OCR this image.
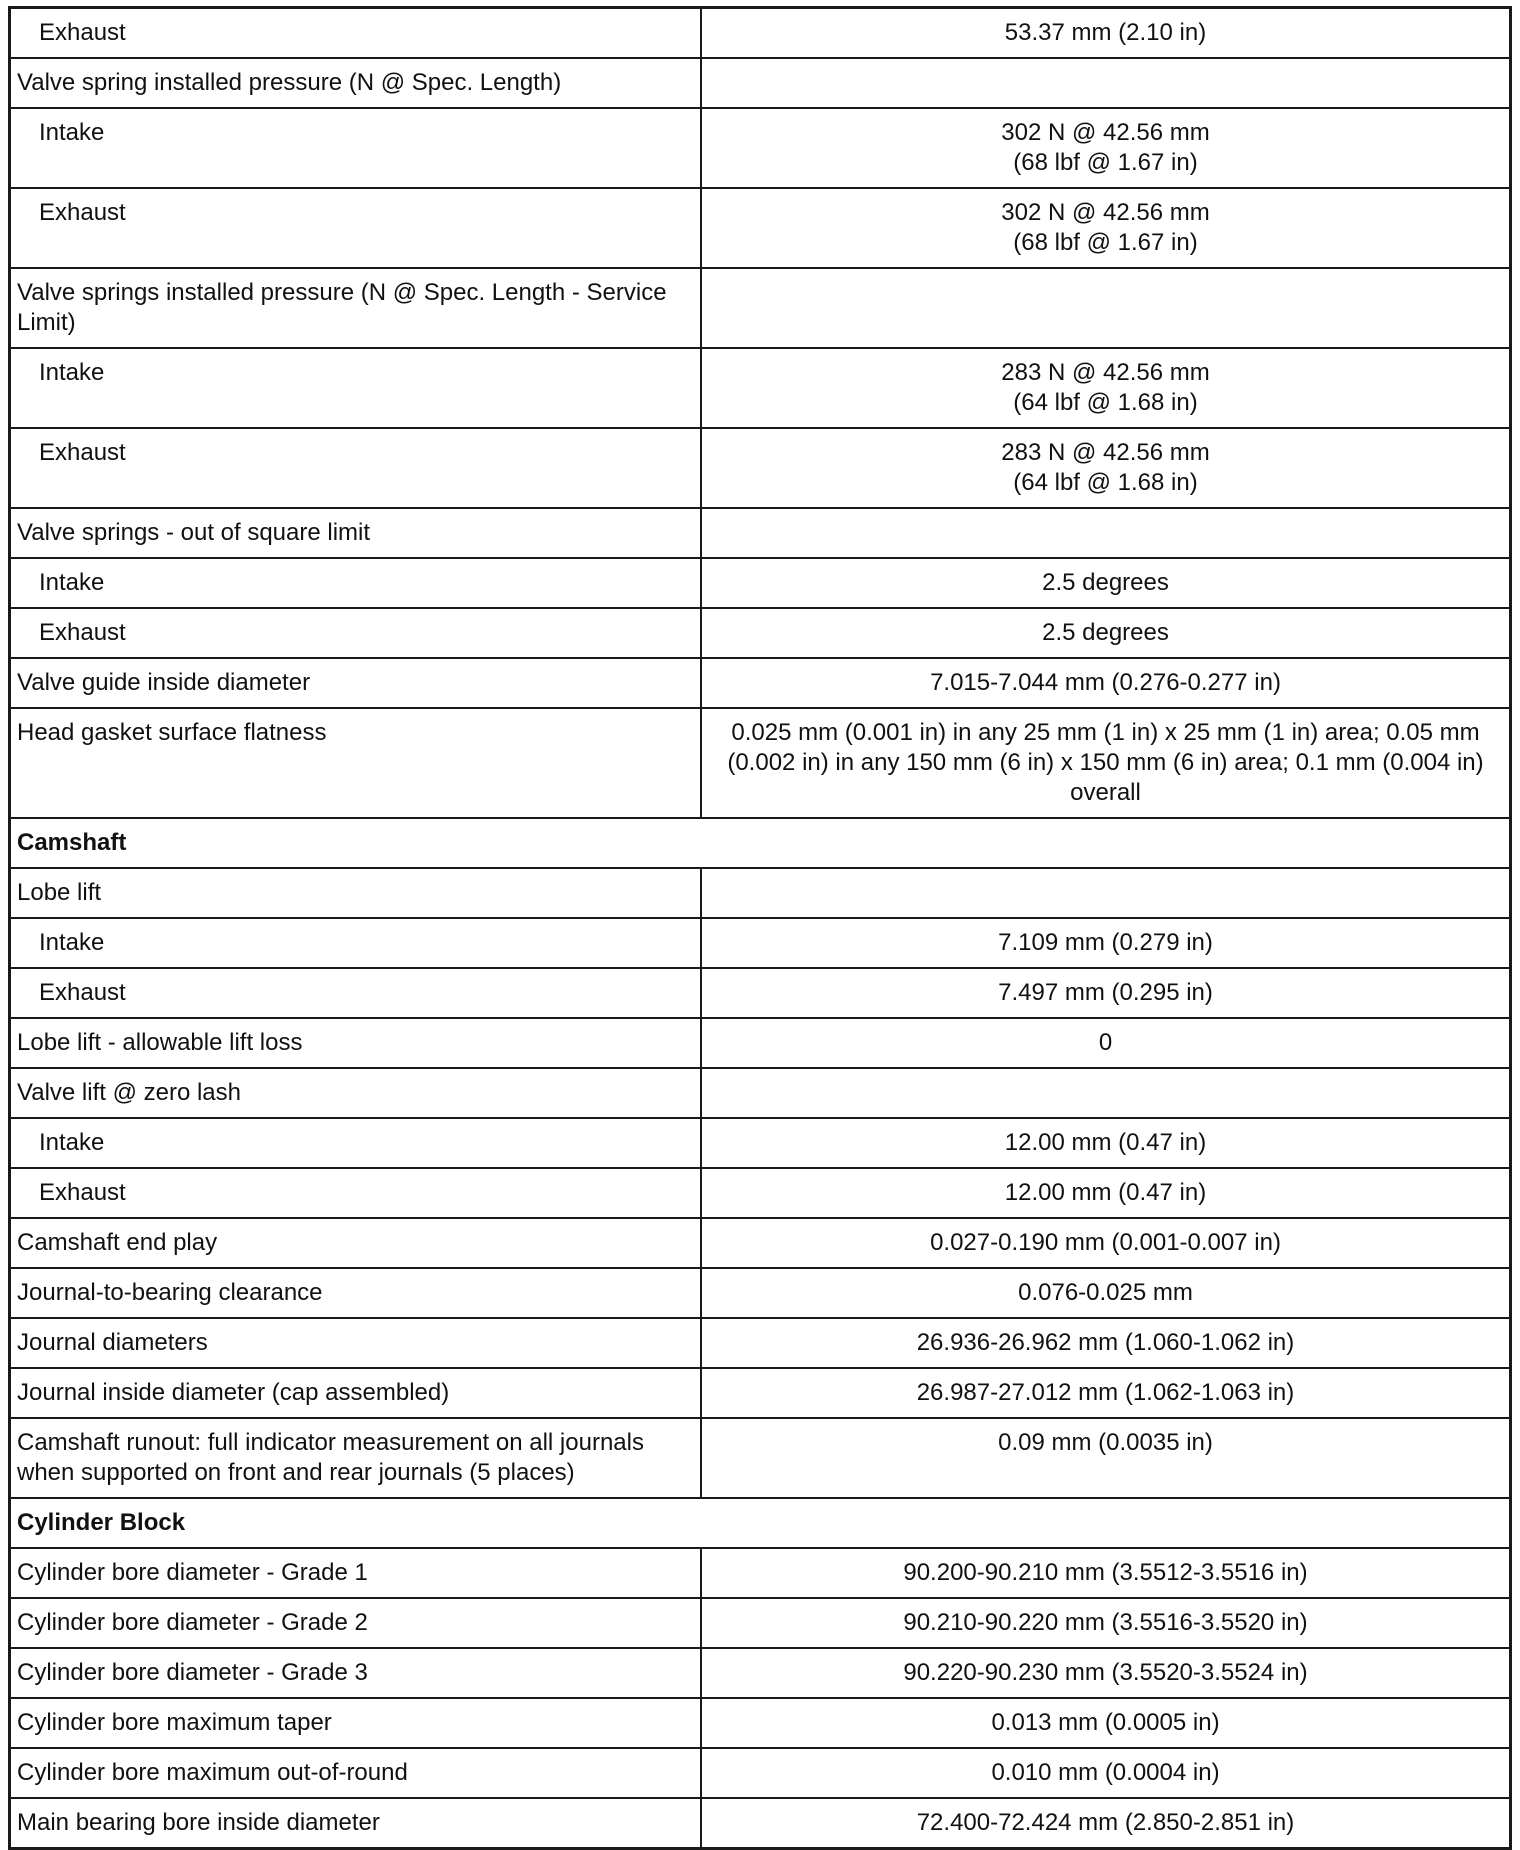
Exhaust	53.37 mm (2.10 in)
Valve spring installed pressure (N @ Spec. Length)	
Intake	302 N @ 42.56 mm
(68 lbf @ 1.67 in)
Exhaust	302 N @ 42.56 mm
(68 lbf @ 1.67 in)
Valve springs installed pressure (N @ Spec. Length - Service Limit)	
Intake	283 N @ 42.56 mm
(64 lbf @ 1.68 in)
Exhaust	283 N @ 42.56 mm
(64 lbf @ 1.68 in)
Valve springs - out of square limit	
Intake	2.5 degrees
Exhaust	2.5 degrees
Valve guide inside diameter	7.015-7.044 mm (0.276-0.277 in)
Head gasket surface flatness	0.025 mm (0.001 in) in any 25 mm (1 in) x 25 mm (1 in) area; 0.05 mm (0.002 in) in any 150 mm (6 in) x 150 mm (6 in) area; 0.1 mm (0.004 in) overall
Camshaft	
Lobe lift	
Intake	7.109 mm (0.279 in)
Exhaust	7.497 mm (0.295 in)
Lobe lift - allowable lift loss	0
Valve lift @ zero lash	
Intake	12.00 mm (0.47 in)
Exhaust	12.00 mm (0.47 in)
Camshaft end play	0.027-0.190 mm (0.001-0.007 in)
Journal-to-bearing clearance	0.076-0.025 mm
Journal diameters	26.936-26.962 mm (1.060-1.062 in)
Journal inside diameter (cap assembled)	26.987-27.012 mm (1.062-1.063 in)
Camshaft runout: full indicator measurement on all journals when supported on front and rear journals (5 places)	0.09 mm (0.0035 in)
Cylinder Block	
Cylinder bore diameter - Grade 1	90.200-90.210 mm (3.5512-3.5516 in)
Cylinder bore diameter - Grade 2	90.210-90.220 mm (3.5516-3.5520 in)
Cylinder bore diameter - Grade 3	90.220-90.230 mm (3.5520-3.5524 in)
Cylinder bore maximum taper	0.013 mm (0.0005 in)
Cylinder bore maximum out-of-round	0.010 mm (0.0004 in)
Main bearing bore inside diameter	72.400-72.424 mm (2.850-2.851 in)
